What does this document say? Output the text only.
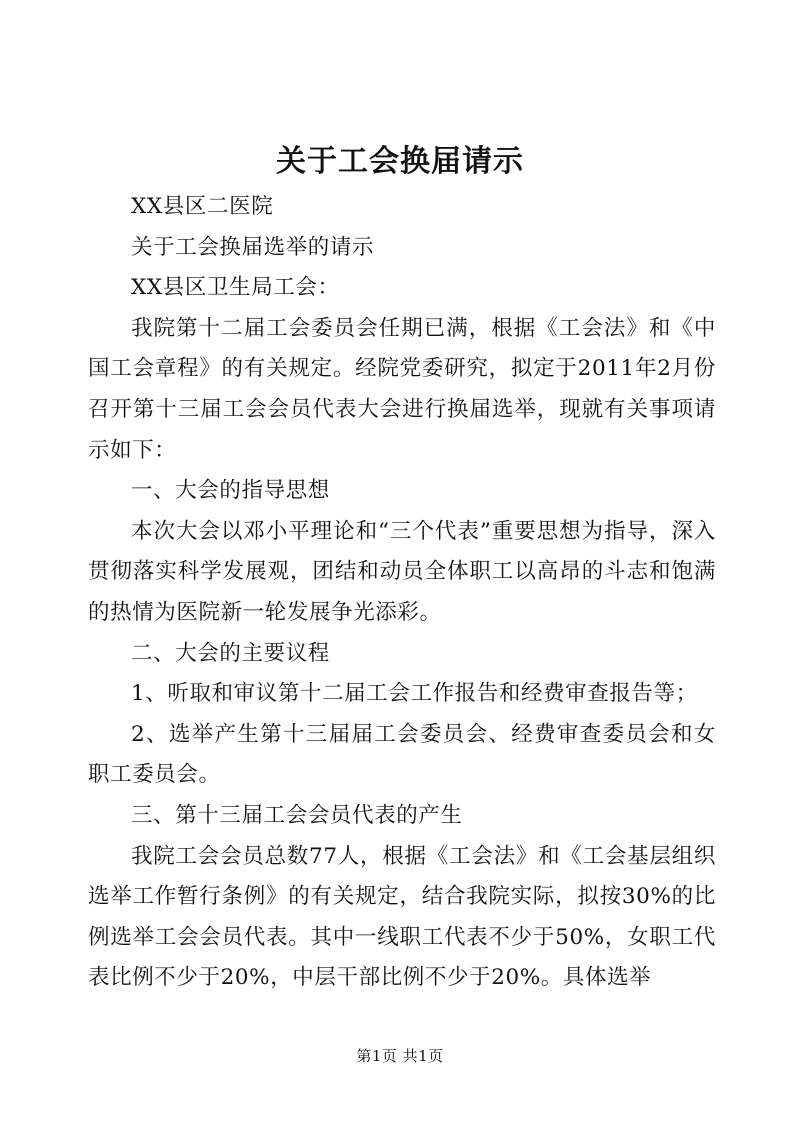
关于工会换届请示

XX县区二医院

关于工会换届选举的请示

XX县区卫生局工会：

我院第十二届工会委员会任期已满，根据《工会法》和《中国工会章程》的有关规定。经院党委研究，拟定于2011年2月份召开第十三届工会会员代表大会进行换届选举，现就有关事项请示如下：

一、大会的指导思想

本次大会以邓小平理论和“三个代表”重要思想为指导，深入贯彻落实科学发展观，团结和动员全体职工以高昂的斗志和饱满的热情为医院新一轮发展争光添彩。

二、大会的主要议程

1、听取和审议第十二届工会工作报告和经费审查报告等；

2、选举产生第十三届届工会委员会、经费审查委员会和女职工委员会。

三、第十三届工会会员代表的产生

我院工会会员总数77人，根据《工会法》和《工会基层组织选举工作暂行条例》的有关规定，结合我院实际，拟按30%的比例选举工会会员代表。其中一线职工代表不少于50%，女职工代表比例不少于20%，中层干部比例不少于20%。具体选举

第1页 共1页
